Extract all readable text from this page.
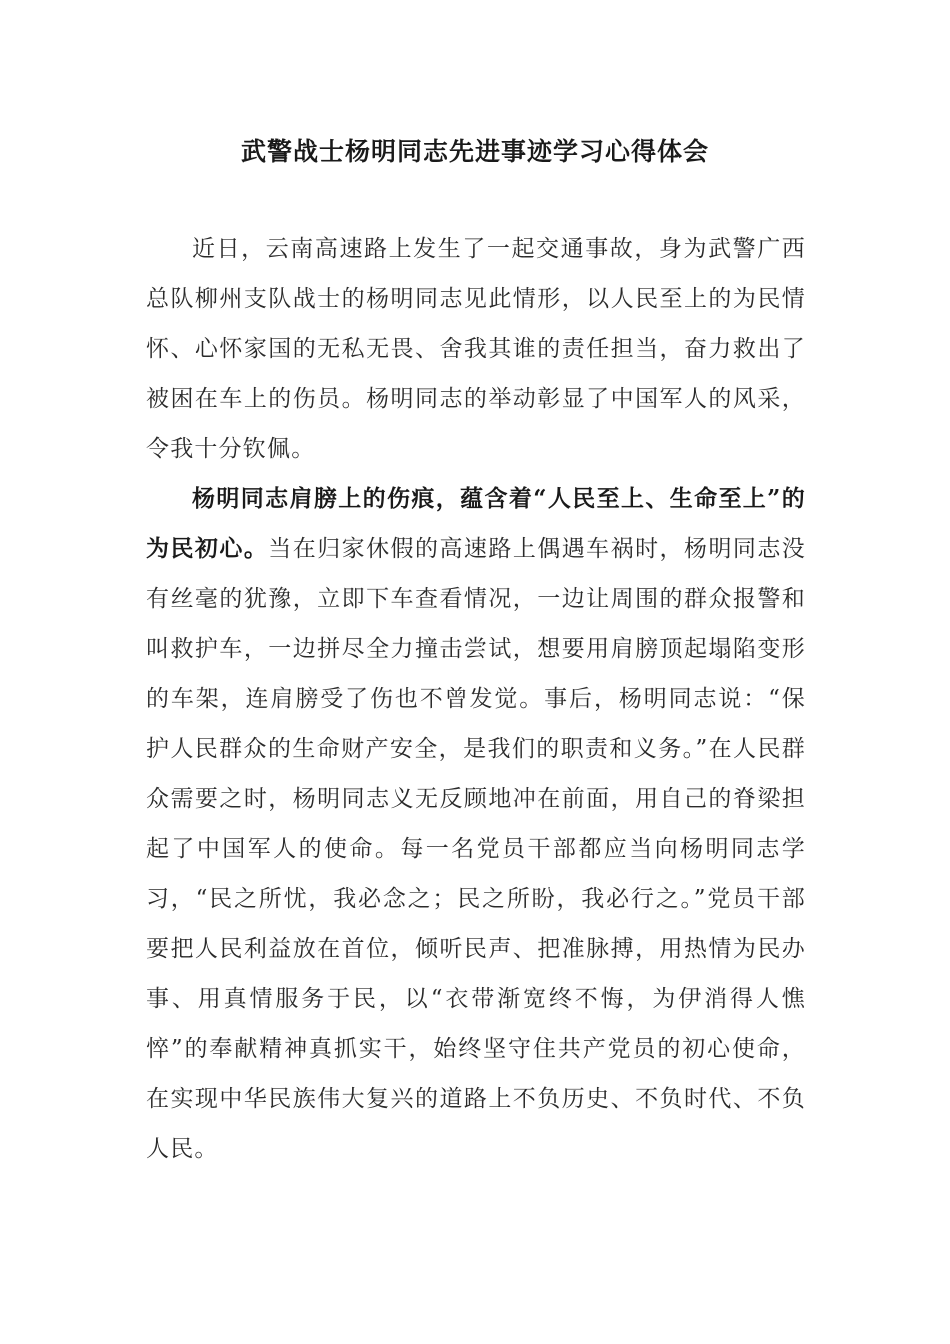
武警战士杨明同志先进事迹学习心得体会

近日，云南高速路上发生了一起交通事故，身为武警广西总队柳州支队战士的杨明同志见此情形，以人民至上的为民情怀、心怀家国的无私无畏、舍我其谁的责任担当，奋力救出了被困在车上的伤员。杨明同志的举动彰显了中国军人的风采，令我十分钦佩。

杨明同志肩膀上的伤痕，蕴含着“人民至上、生命至上”的为民初心。当在归家休假的高速路上偶遇车祸时，杨明同志没有丝毫的犹豫，立即下车查看情况，一边让周围的群众报警和叫救护车，一边拼尽全力撞击尝试，想要用肩膀顶起塌陷变形的车架，连肩膀受了伤也不曾发觉。事后，杨明同志说：“保护人民群众的生命财产安全，是我们的职责和义务。”在人民群众需要之时，杨明同志义无反顾地冲在前面，用自己的脊梁担起了中国军人的使命。每一名党员干部都应当向杨明同志学习，“民之所忧，我必念之；民之所盼，我必行之。”党员干部要把人民利益放在首位，倾听民声、把准脉搏，用热情为民办事、用真情服务于民，以“衣带渐宽终不悔，为伊消得人憔悴”的奉献精神真抓实干，始终坚守住共产党员的初心使命，在实现中华民族伟大复兴的道路上不负历史、不负时代、不负人民。
